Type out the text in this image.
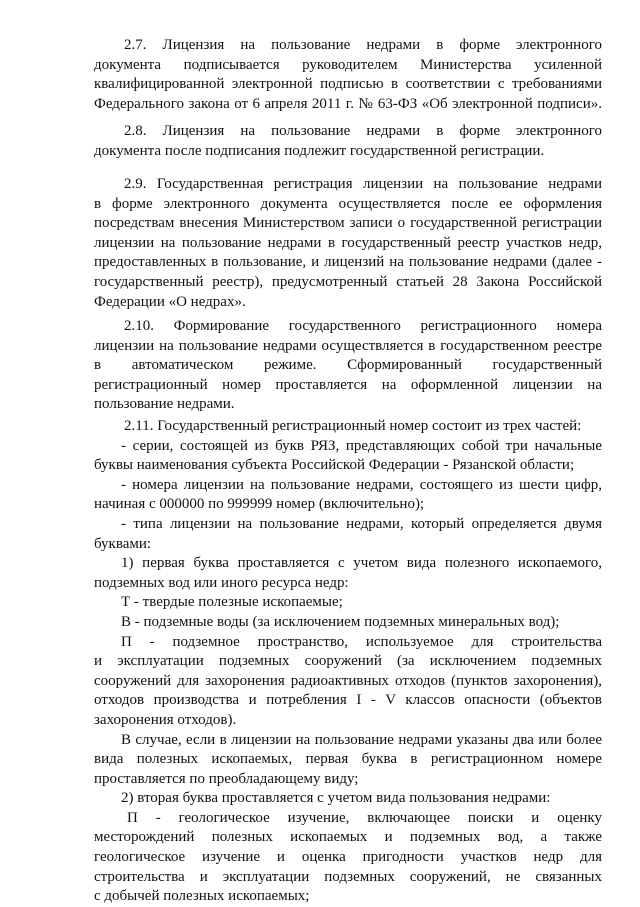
2.7. Лицензия на пользование недрами в форме электронного
документа подписывается руководителем Министерства усиленной
квалифицированной электронной подписью в соответствии с требованиями
Федерального закона от 6 апреля 2011 г. № 63-ФЗ «Об электронной подписи».

2.8. Лицензия на пользование недрами в форме электронного
документа после подписания подлежит государственной регистрации.

2.9. Государственная регистрация лицензии на пользование недрами
в форме электронного документа осуществляется после ее оформления
посредствам внесения Министерством записи о государственной регистрации
лицензии на пользование недрами в государственный реестр участков недр,
предоставленных в пользование, и лицензий на пользование недрами (далее -
государственный реестр), предусмотренный статьей 28 Закона Российской
Федерации «О недрах».

2.10. Формирование государственного регистрационного номера
лицензии на пользование недрами осуществляется в государственном реестре
в автоматическом режиме. Сформированный государственный
регистрационный номер проставляется на оформленной лицензии на
пользование недрами.

2.11. Государственный регистрационный номер состоит из трех частей:
- серии, состоящей из букв РЯЗ, представляющих собой три начальные
буквы наименования субъекта Российской Федерации - Рязанской области;
- номера лицензии на пользование недрами, состоящего из шести цифр,
начиная с 000000 по 999999 номер (включительно);
- типа лицензии на пользование недрами, который определяется двумя
буквами:
1) первая буква проставляется с учетом вида полезного ископаемого,
подземных вод или иного ресурса недр:
Т - твердые полезные ископаемые;
В - подземные воды (за исключением подземных минеральных вод);
П - подземное пространство, используемое для строительства
и эксплуатации подземных сооружений (за исключением подземных
сооружений для захоронения радиоактивных отходов (пунктов захоронения),
отходов производства и потребления I - V классов опасности (объектов
захоронения отходов).
В случае, если в лицензии на пользование недрами указаны два или более
вида полезных ископаемых, первая буква в регистрационном номере
проставляется по преобладающему виду;
2) вторая буква проставляется с учетом вида пользования недрами:
П - геологическое изучение, включающее поиски и оценку
месторождений полезных ископаемых и подземных вод, а также
геологическое изучение и оценка пригодности участков недр для
строительства и эксплуатации подземных сооружений, не связанных
с добычей полезных ископаемых;
